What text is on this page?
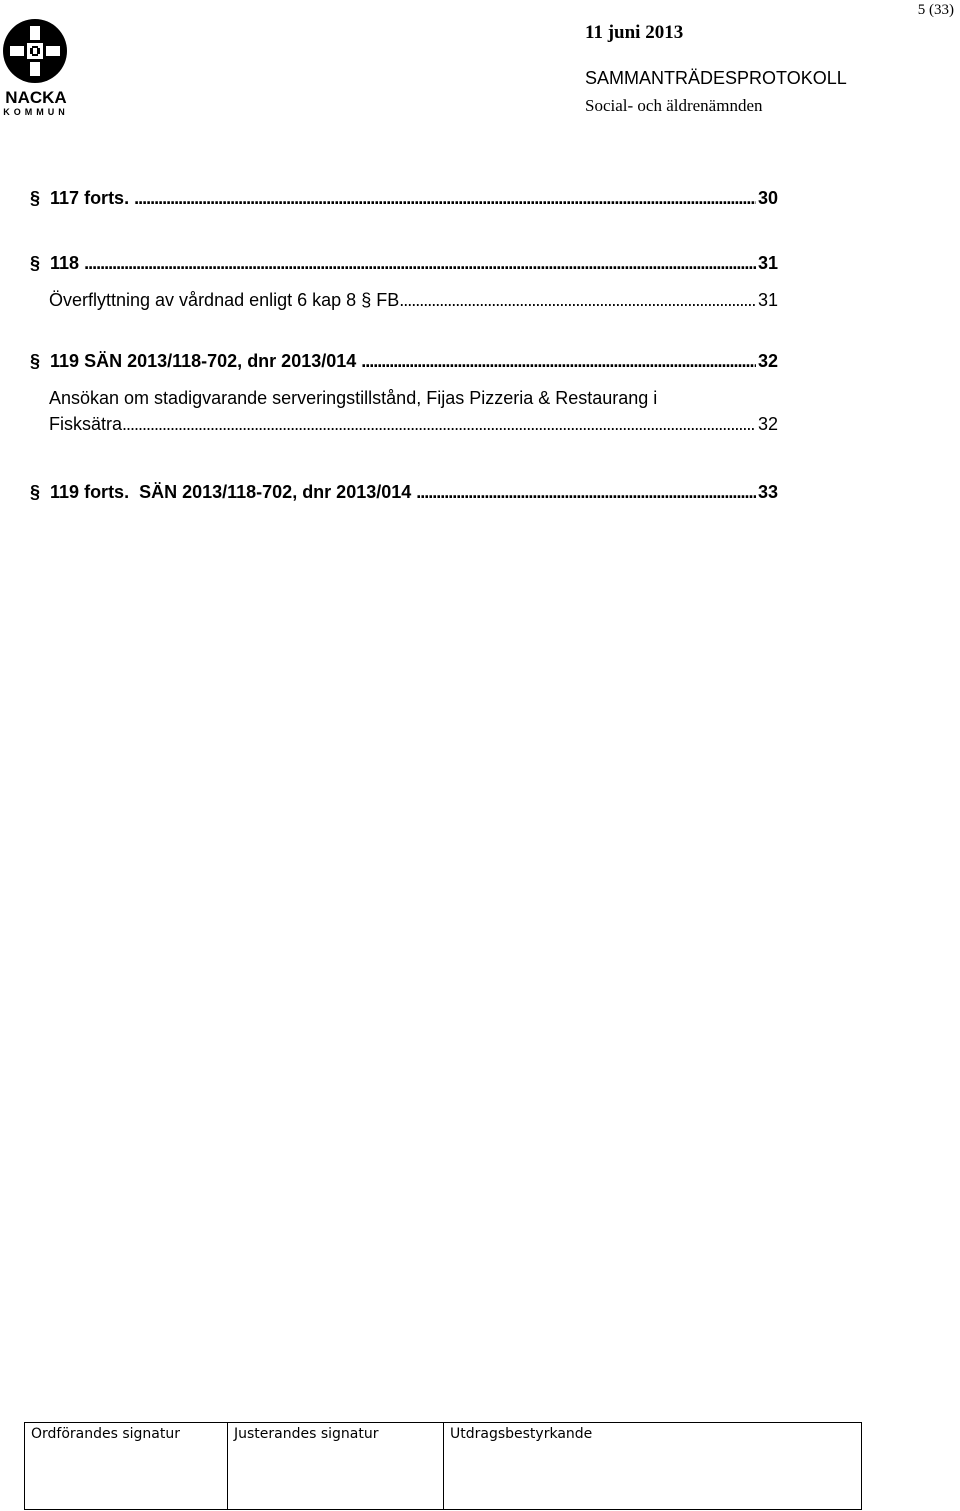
5 (33)
NACKA
KOMMUN
11 juni 2013
SAMMANTRÄDESPROTOKOLL
Social- och äldrenämnden
§ 117 forts. . . .	30
§ 118 . . .	31
Överflyttning av vårdnad enligt 6 kap 8 § FB . . .	31
§ 119 SÄN 2013/118-702, dnr 2013/014 . . .	32
Ansökan om stadigvarande serveringstillstånd, Fijas Pizzeria & Restaurang i
Fisksätra . . .	32
§ 119 forts.  SÄN 2013/118-702, dnr 2013/014 . . .	33
Ordförandes signatur	Justerandes signatur	Utdragsbestyrkande
